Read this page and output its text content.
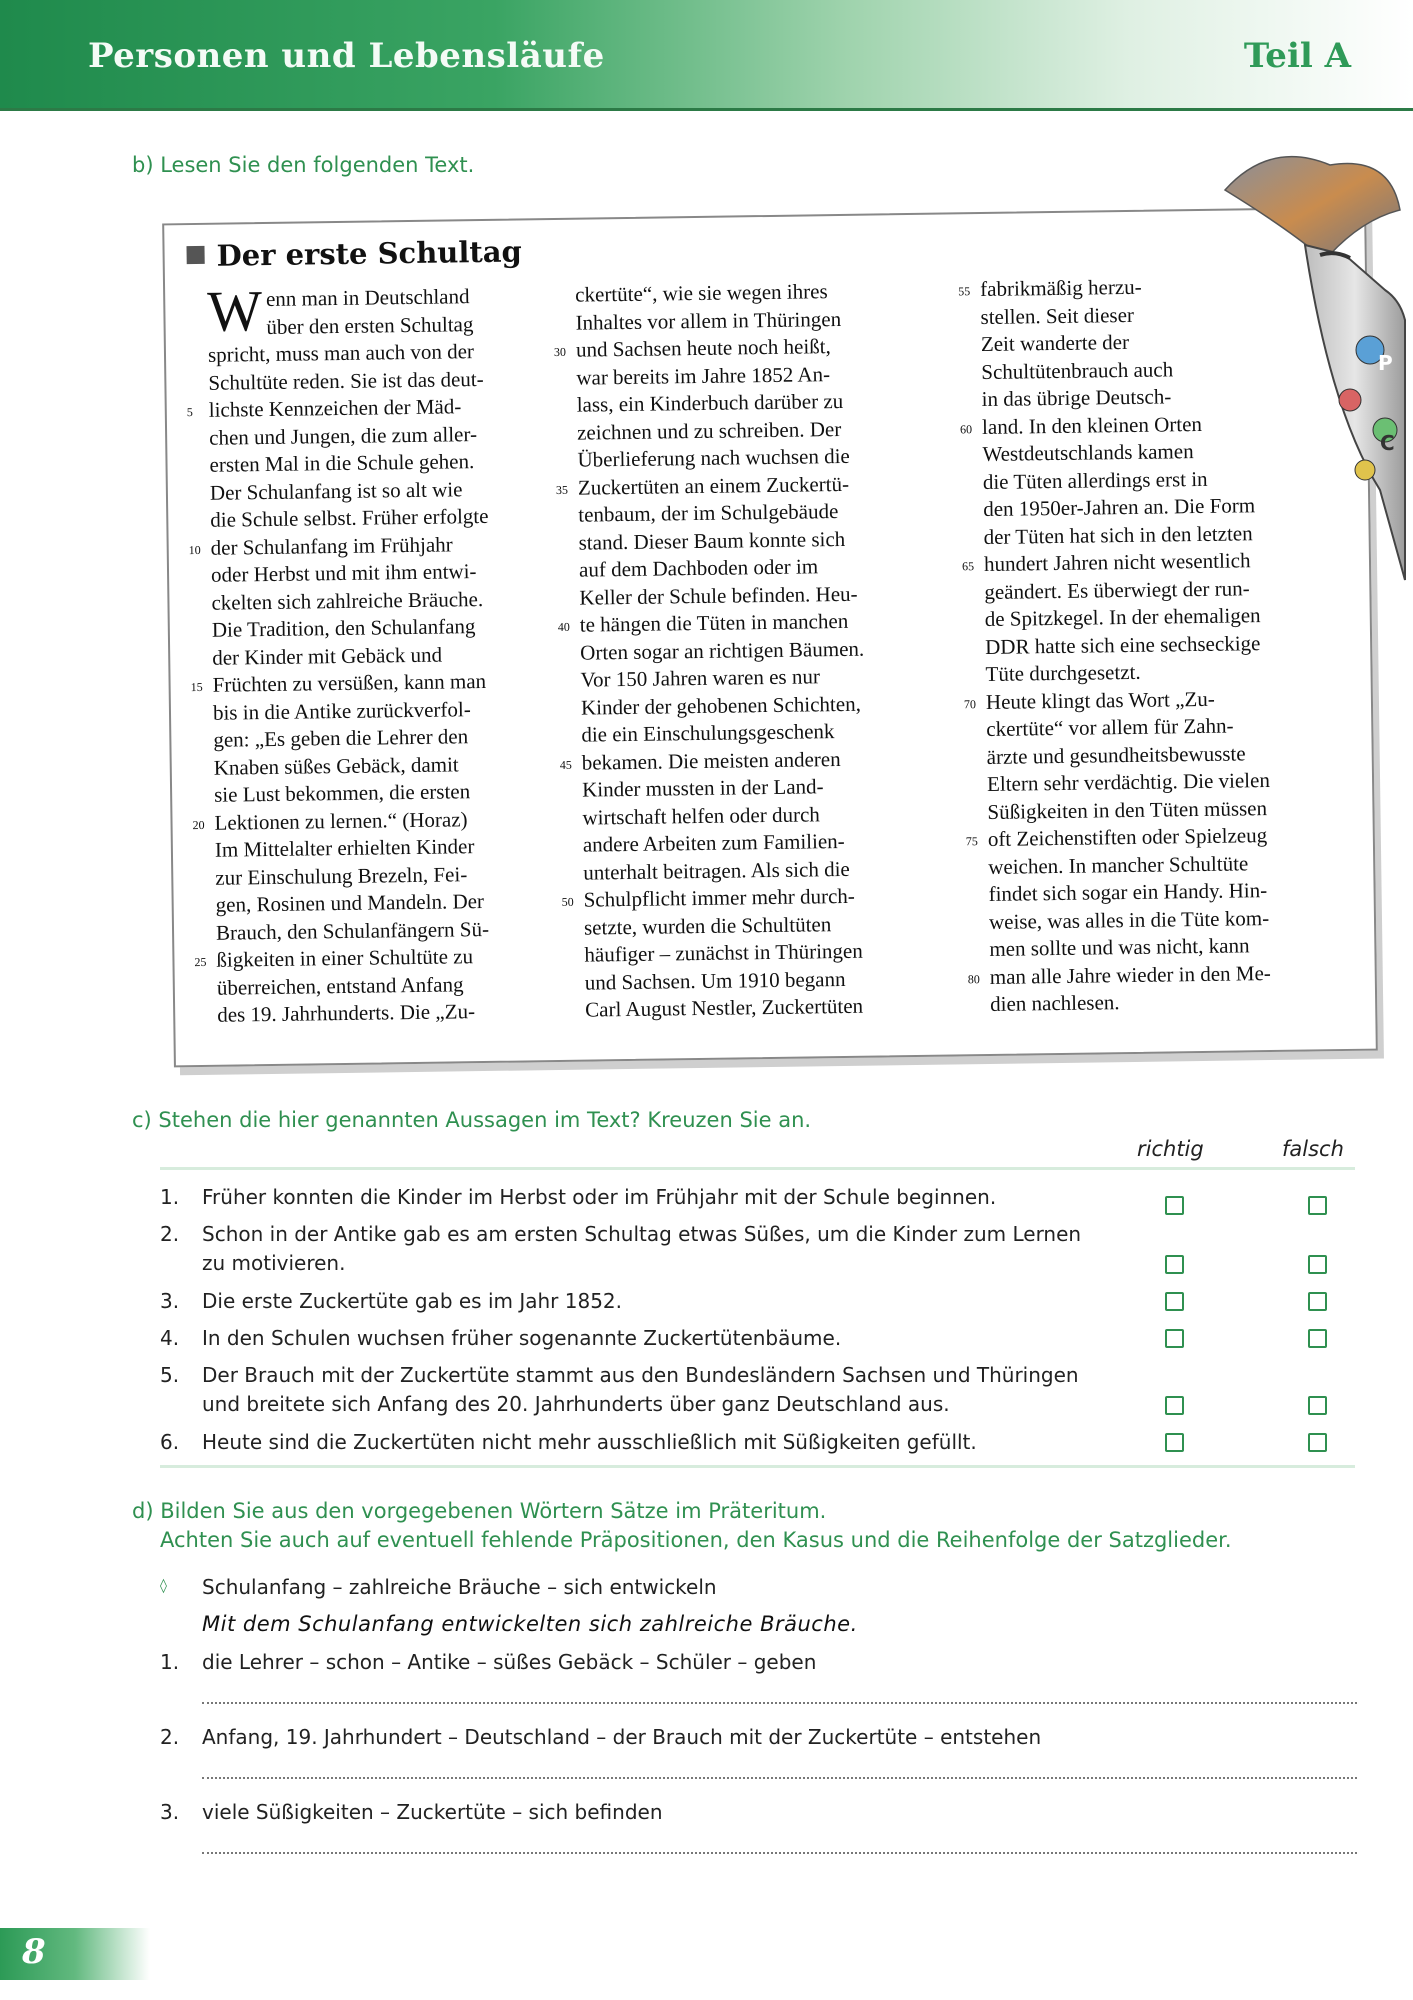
Personen und Lebensläufe	Teil A
b) Lesen Sie den folgenden Text.
Der erste Schultag
Wenn man in Deutschland
über den ersten Schultag
spricht, muss man auch von der
Schultüte reden. Sie ist das deut-
5 lichste Kennzeichen der Mäd-
chen und Jungen, die zum aller-
ersten Mal in die Schule gehen.
Der Schulanfang ist so alt wie
die Schule selbst. Früher erfolgte
10 der Schulanfang im Frühjahr
oder Herbst und mit ihm entwi-
ckelten sich zahlreiche Bräuche.
Die Tradition, den Schulanfang
der Kinder mit Gebäck und
15 Früchten zu versüßen, kann man
bis in die Antike zurückverfol-
gen: „Es geben die Lehrer den
Knaben süßes Gebäck, damit
sie Lust bekommen, die ersten
20 Lektionen zu lernen.“ (Horaz)
Im Mittelalter erhielten Kinder
zur Einschulung Brezeln, Fei-
gen, Rosinen und Mandeln. Der
Brauch, den Schulanfängern Sü-
25 ßigkeiten in einer Schultüte zu
überreichen, entstand Anfang
des 19. Jahrhunderts. Die „Zu-
ckertüte“, wie sie wegen ihres
Inhaltes vor allem in Thüringen
30 und Sachsen heute noch heißt,
war bereits im Jahre 1852 An-
lass, ein Kinderbuch darüber zu
zeichnen und zu schreiben. Der
Überlieferung nach wuchsen die
35 Zuckertüten an einem Zuckertü-
tenbaum, der im Schulgebäude
stand. Dieser Baum konnte sich
auf dem Dachboden oder im
Keller der Schule befinden. Heu-
40 te hängen die Tüten in manchen
Orten sogar an richtigen Bäumen.
Vor 150 Jahren waren es nur
Kinder der gehobenen Schichten,
die ein Einschulungsgeschenk
45 bekamen. Die meisten anderen
Kinder mussten in der Land-
wirtschaft helfen oder durch
andere Arbeiten zum Familien-
unterhalt beitragen. Als sich die
50 Schulpflicht immer mehr durch-
setzte, wurden die Schultüten
häufiger – zunächst in Thüringen
und Sachsen. Um 1910 begann
Carl August Nestler, Zuckertüten
55 fabrikmäßig herzu-
stellen. Seit dieser
Zeit wanderte der
Schultütenbrauch auch
in das übrige Deutsch-
60 land. In den kleinen Orten
Westdeutschlands kamen
die Tüten allerdings erst in
den 1950er-Jahren an. Die Form
der Tüten hat sich in den letzten
65 hundert Jahren nicht wesentlich
geändert. Es überwiegt der run-
de Spitzkegel. In der ehemaligen
DDR hatte sich eine sechseckige
Tüte durchgesetzt.
70 Heute klingt das Wort „Zu-
ckertüte“ vor allem für Zahn-
ärzte und gesundheitsbewusste
Eltern sehr verdächtig. Die vielen
Süßigkeiten in den Tüten müssen
75 oft Zeichenstiften oder Spielzeug
weichen. In mancher Schultüte
findet sich sogar ein Handy. Hin-
weise, was alles in die Tüte kom-
men sollte und was nicht, kann
80 man alle Jahre wieder in den Me-
dien nachlesen.
P
C
c) Stehen die hier genannten Aussagen im Text? Kreuzen Sie an.
richtig	falsch
1. Früher konnten die Kinder im Herbst oder im Frühjahr mit der Schule beginnen.
2. Schon in der Antike gab es am ersten Schultag etwas Süßes, um die Kinder zum Lernen zu motivieren.
3. Die erste Zuckertüte gab es im Jahr 1852.
4. In den Schulen wuchsen früher sogenannte Zuckertütenbäume.
5. Der Brauch mit der Zuckertüte stammt aus den Bundesländern Sachsen und Thüringen und breitete sich Anfang des 20. Jahrhunderts über ganz Deutschland aus.
6. Heute sind die Zuckertüten nicht mehr ausschließlich mit Süßigkeiten gefüllt.
d) Bilden Sie aus den vorgegebenen Wörtern Sätze im Präteritum.
Achten Sie auch auf eventuell fehlende Präpositionen, den Kasus und die Reihenfolge der Satzglieder.
◊ Schulanfang – zahlreiche Bräuche – sich entwickeln
Mit dem Schulanfang entwickelten sich zahlreiche Bräuche.
1. die Lehrer – schon – Antike – süßes Gebäck – Schüler – geben
2. Anfang, 19. Jahrhundert – Deutschland – der Brauch mit der Zuckertüte – entstehen
3. viele Süßigkeiten – Zuckertüte – sich befinden
8
